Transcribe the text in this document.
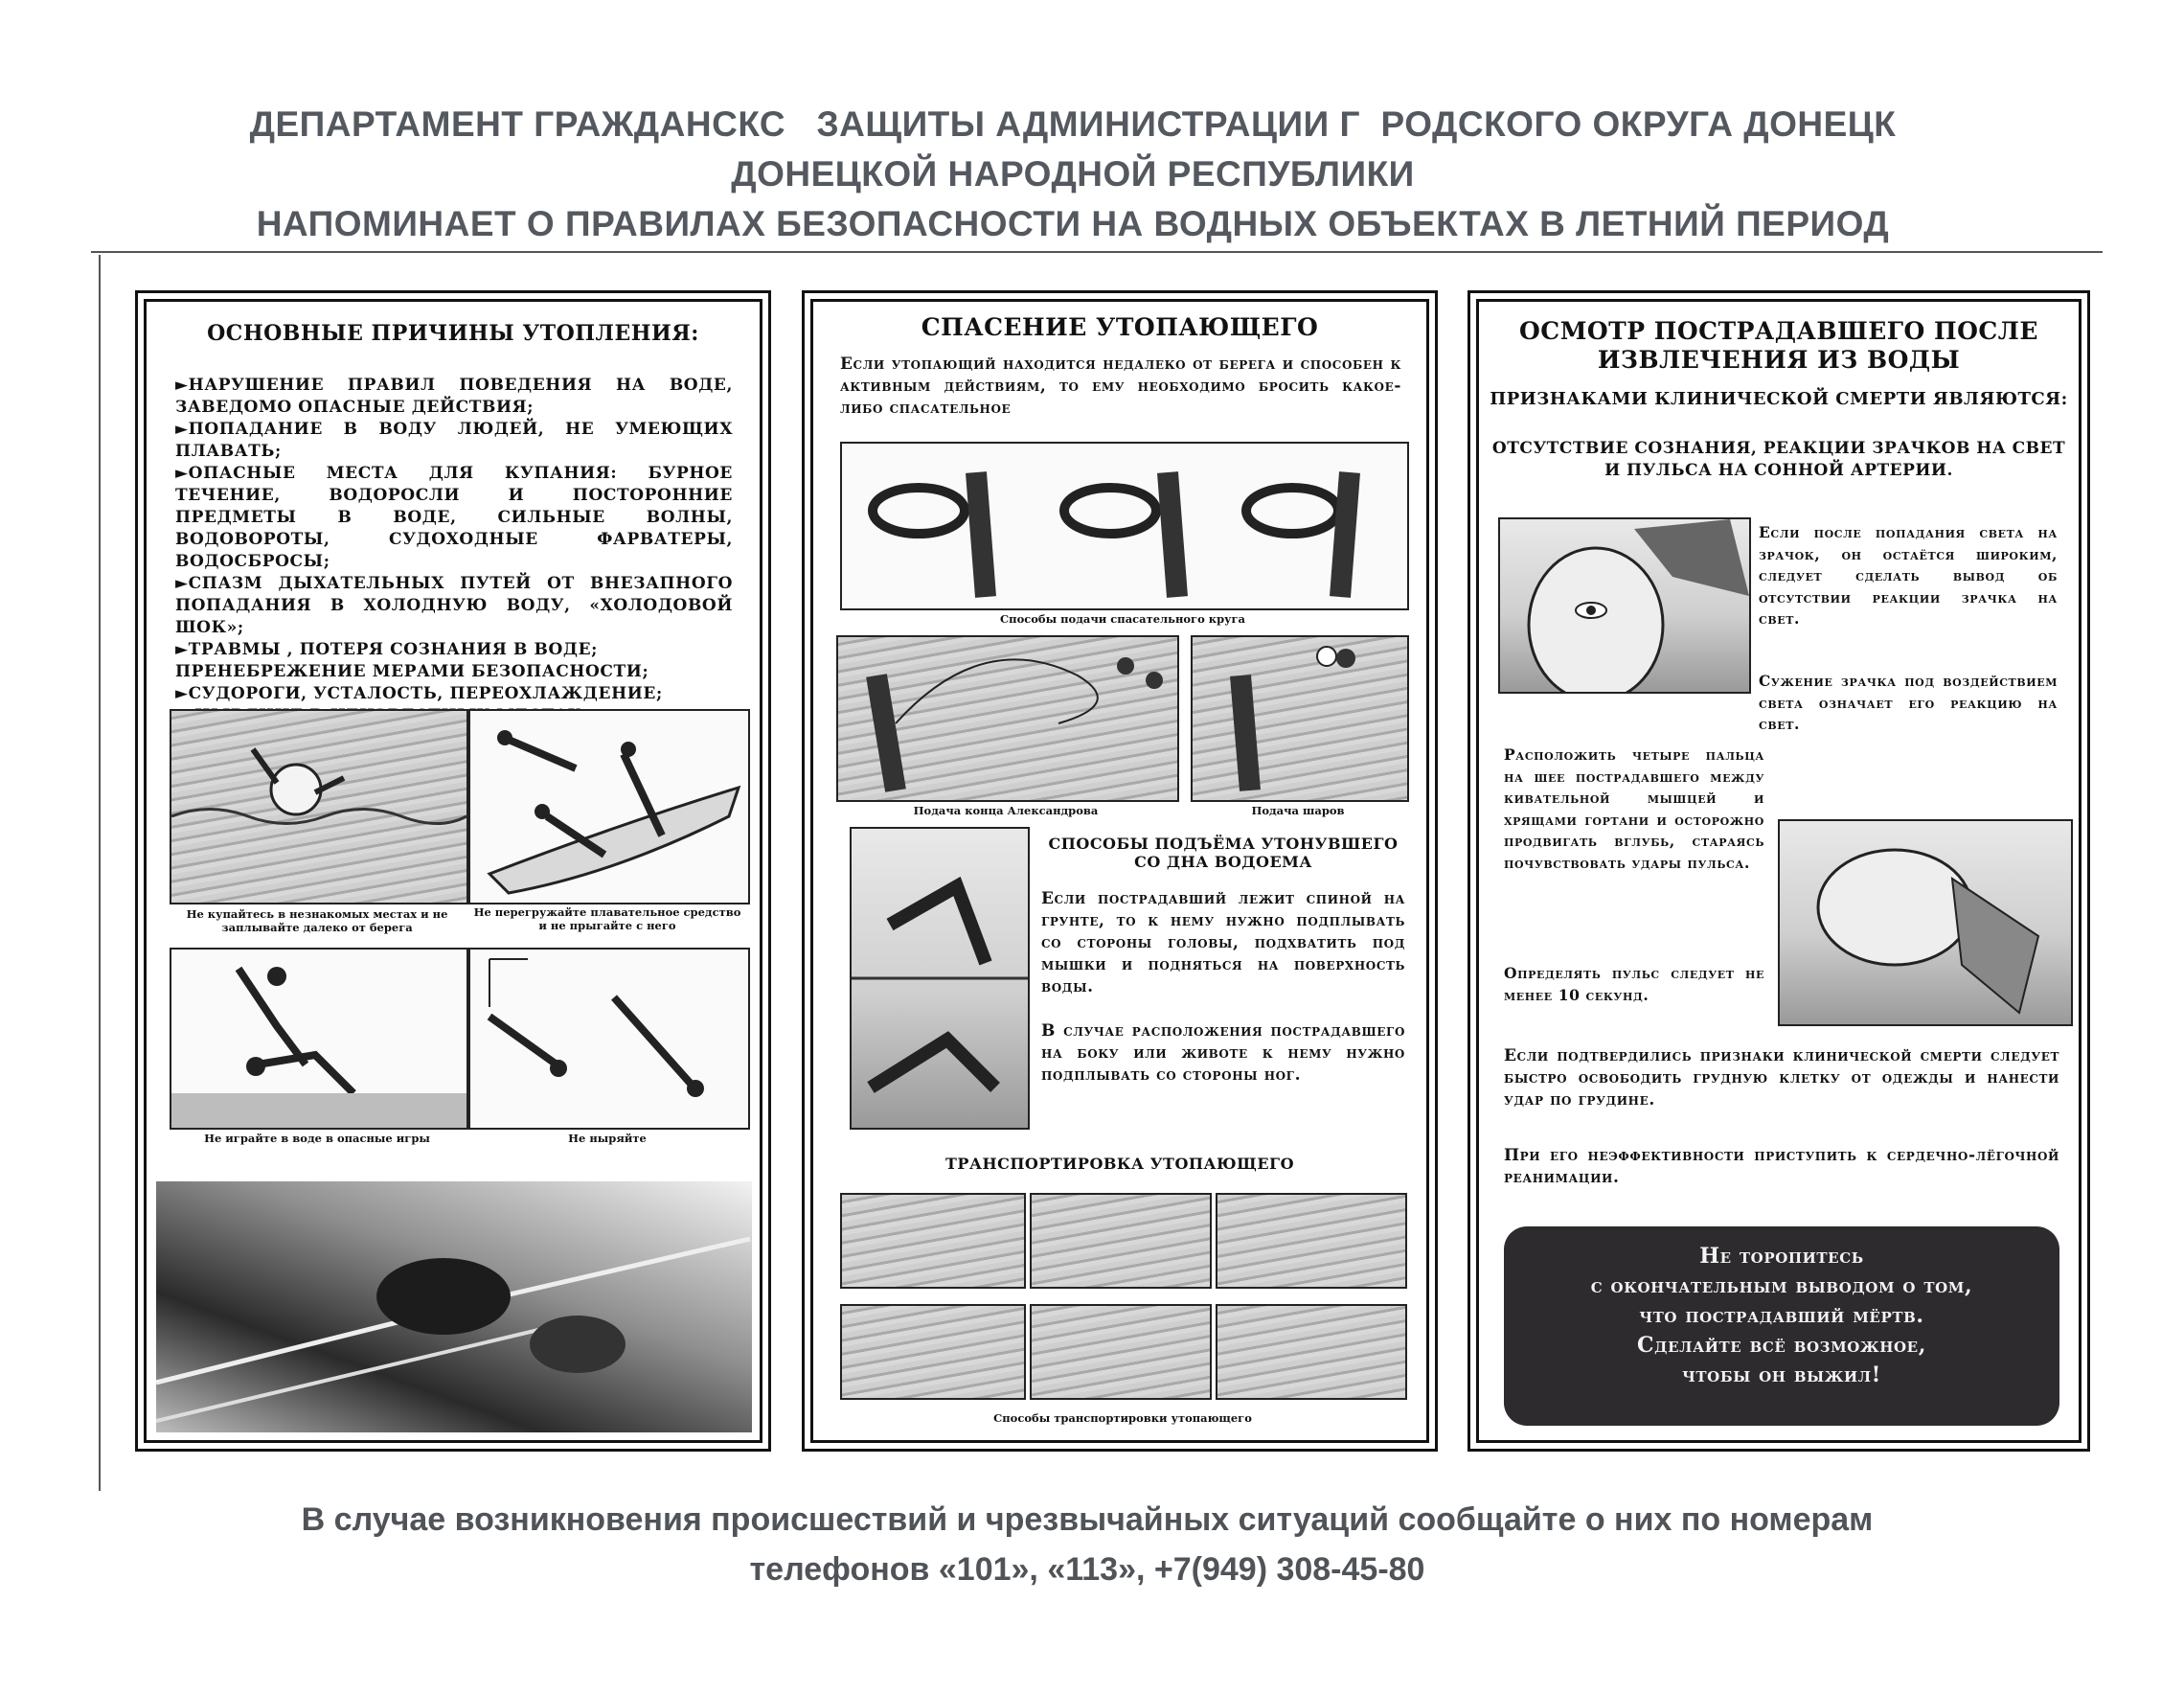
ДЕПАРТАМЕНТ ГРАЖДАНСКС   ЗАЩИТЫ АДМИНИСТРАЦИИ Г  РОДСКОГО ОКРУГА ДОНЕЦК
ДОНЕЦКОЙ НАРОДНОЙ РЕСПУБЛИКИ
НАПОМИНАЕТ О ПРАВИЛАХ БЕЗОПАСНОСТИ НА ВОДНЫХ ОБЪЕКТАХ В ЛЕТНИЙ ПЕРИОД
ОСНОВНЫЕ ПРИЧИНЫ УТОПЛЕНИЯ:
►НАРУШЕНИЕ ПРАВИЛ ПОВЕДЕНИЯ НА ВОДЕ, ЗАВЕДОМО ОПАСНЫЕ ДЕЙСТВИЯ;
►ПОПАДАНИЕ В ВОДУ ЛЮДЕЙ, НЕ УМЕЮЩИХ ПЛАВАТЬ;
►ОПАСНЫЕ МЕСТА ДЛЯ КУПАНИЯ: БУРНОЕ ТЕЧЕНИЕ, ВОДОРОСЛИ И ПОСТОРОННИЕ ПРЕДМЕТЫ В ВОДЕ, СИЛЬНЫЕ ВОЛНЫ, ВОДОВОРОТЫ, СУДОХОДНЫЕ ФАРВАТЕРЫ, ВОДОСБРОСЫ;
►СПАЗМ ДЫХАТЕЛЬНЫХ ПУТЕЙ ОТ ВНЕЗАПНОГО ПОПАДАНИЯ В ХОЛОДНУЮ ВОДУ, «ХОЛОДОВОЙ ШОК»;
►ТРАВМЫ , ПОТЕРЯ СОЗНАНИЯ В ВОДЕ;
ПРЕНЕБРЕЖЕНИЕ МЕРАМИ БЕЗОПАСНОСТИ;
►СУДОРОГИ, УСТАЛОСТЬ, ПЕРЕОХЛАЖДЕНИЕ;
Не купайтесь в незнакомых местах и не заплывайте далеко от берега
Не перегружайте плавательное средство и не прыгайте с него
Не играйте в воде в опасные игры	Не ныряйте
СПАСЕНИЕ УТОПАЮЩЕГО
Если утопающий находится недалеко от берега и способен к активным действиям, то ему необходимо бросить какое-либо спасательное
Способы подачи спасательного круга
Подача конца Александрова	Подача шаров
СПОСОБЫ ПОДЪЁМА УТОНУВШЕГО СО ДНА ВОДОЕМА
Если пострадавший лежит спиной на грунте, то к нему нужно подплывать со стороны головы, подхватить под мышки и подняться на поверхность воды.
В случае расположения пострадавшего на боку или животе к нему нужно подплывать со стороны ног.
ТРАНСПОРТИРОВКА УТОПАЮЩЕГО
Способы транспортировки утопающего
ОСМОТР ПОСТРАДАВШЕГО ПОСЛЕ ИЗВЛЕЧЕНИЯ ИЗ ВОДЫ
ПРИЗНАКАМИ КЛИНИЧЕСКОЙ СМЕРТИ ЯВЛЯЮТСЯ:
ОТСУТСТВИЕ СОЗНАНИЯ, РЕАКЦИИ ЗРАЧКОВ НА СВЕТ И ПУЛЬСА НА СОННОЙ АРТЕРИИ.
Если после попадания света на зрачок, он остаётся широким, следует сделать вывод об отсутствии реакции зрачка на свет.
Сужение зрачка под воздействием света означает его реакцию на свет.
Расположить четыре пальца на шее пострадавшего между кивательной мышцей и хрящами гортани и осторожно продвигать вглубь, стараясь почувствовать удары пульса.
Определять пульс следует не менее 10 секунд.
Если подтвердились признаки клинической смерти следует быстро освободить грудную клетку от одежды и нанести удар по грудине.
При его неэффективности приступить к сердечно-лёгочной реанимации.
Не торопитесь
с окончательным выводом о том,
что пострадавший мёртв.
Сделайте всё возможное,
чтобы он выжил!
В случае возникновения происшествий и чрезвычайных ситуаций сообщайте о них по номерам
телефонов «101», «113», +7(949) 308-45-80
